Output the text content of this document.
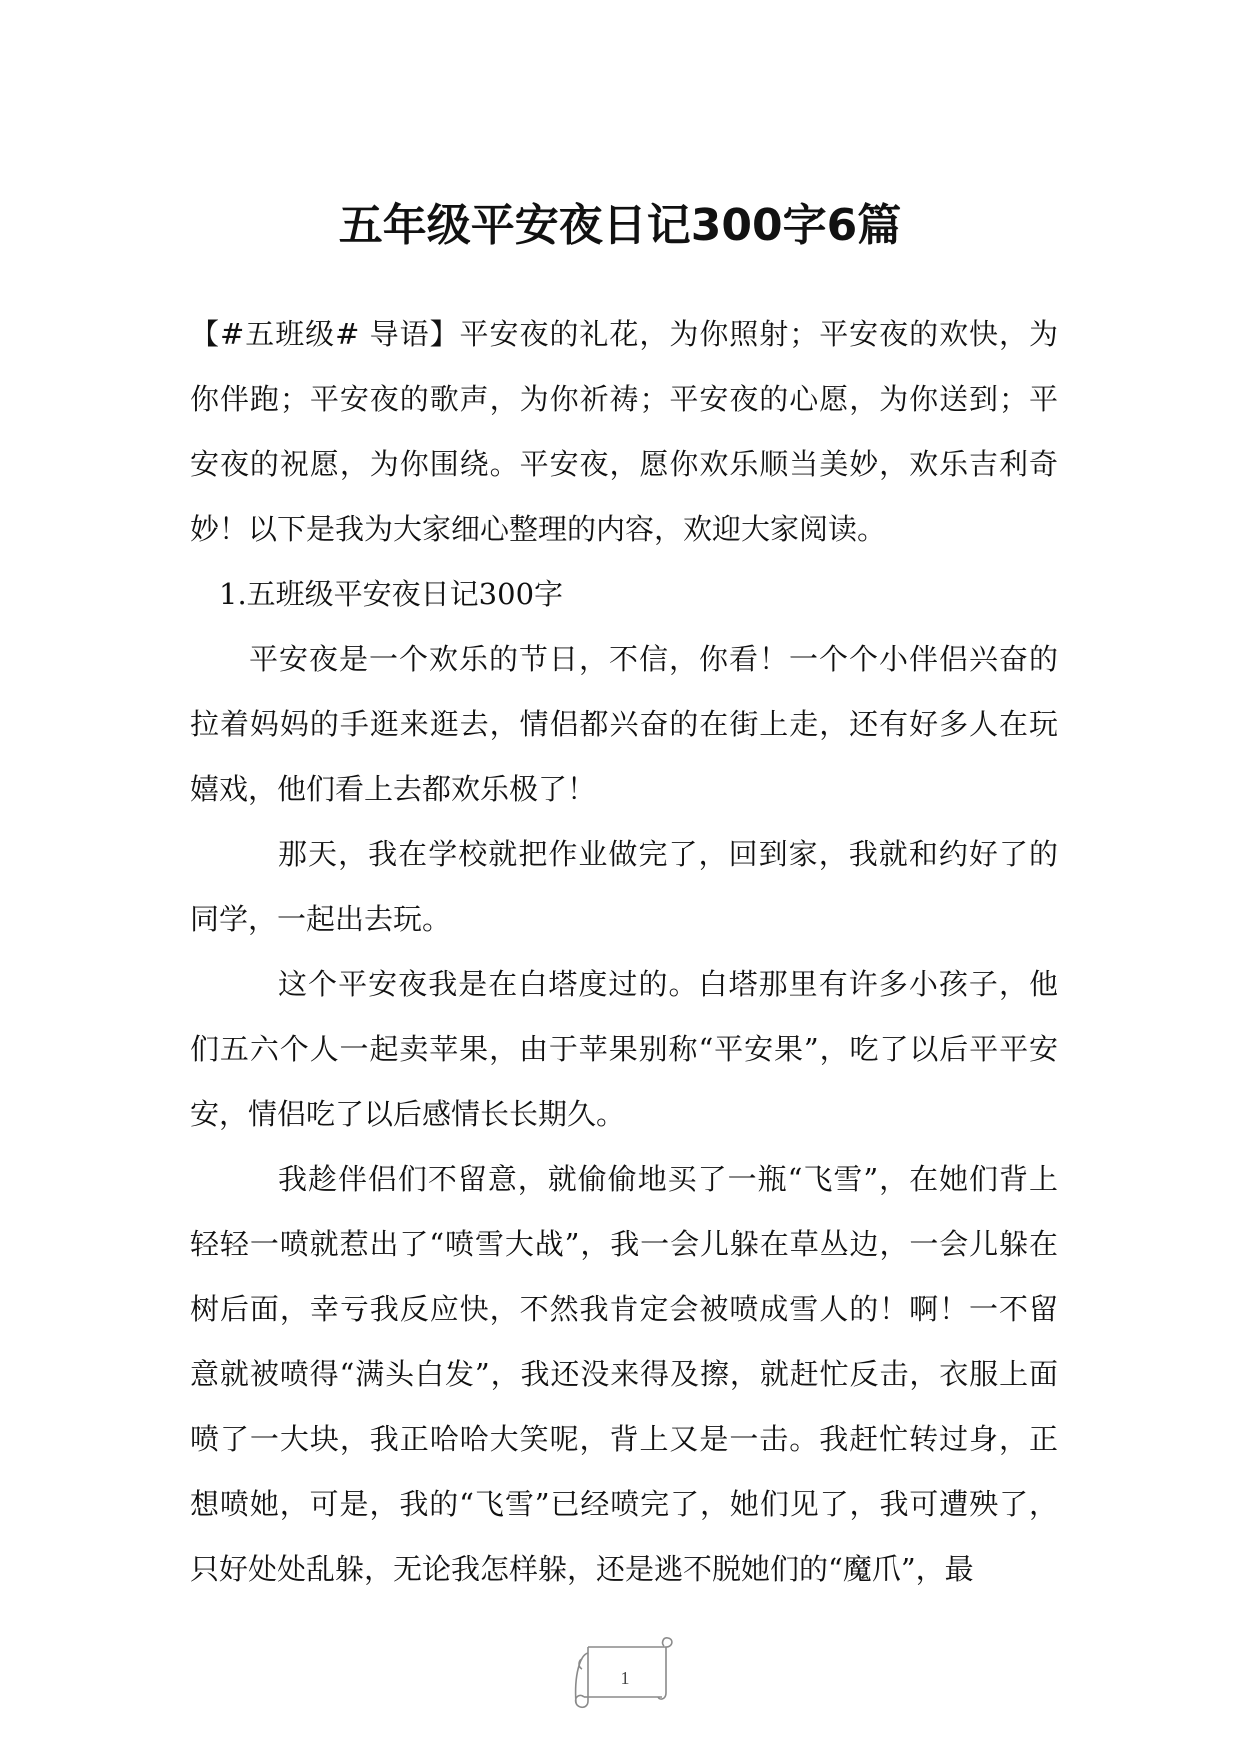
五年级平安夜日记300字6篇

【#五班级# 导语】平安夜的礼花，为你照射；平安夜的欢快，为你伴跑；平安夜的歌声，为你祈祷；平安夜的心愿，为你送到；平安夜的祝愿，为你围绕。平安夜，愿你欢乐顺当美妙，欢乐吉利奇妙！以下是我为大家细心整理的内容，欢迎大家阅读。

1.五班级平安夜日记300字

平安夜是一个欢乐的节日，不信，你看！一个个小伴侣兴奋的拉着妈妈的手逛来逛去，情侣都兴奋的在街上走，还有好多人在玩嬉戏，他们看上去都欢乐极了！

那天，我在学校就把作业做完了，回到家，我就和约好了的同学，一起出去玩。

这个平安夜我是在白塔度过的。白塔那里有许多小孩子，他们五六个人一起卖苹果，由于苹果别称“平安果”，吃了以后平平安安，情侣吃了以后感情长长期久。

我趁伴侣们不留意，就偷偷地买了一瓶“飞雪”，在她们背上轻轻一喷就惹出了“喷雪大战”，我一会儿躲在草丛边，一会儿躲在树后面，幸亏我反应快，不然我肯定会被喷成雪人的！啊！一不留意就被喷得“满头白发”，我还没来得及擦，就赶忙反击，衣服上面喷了一大块，我正哈哈大笑呢，背上又是一击。我赶忙转过身，正想喷她，可是，我的“飞雪”已经喷完了，她们见了，我可遭殃了，只好处处乱躲，无论我怎样躲，还是逃不脱她们的“魔爪”，最

1
